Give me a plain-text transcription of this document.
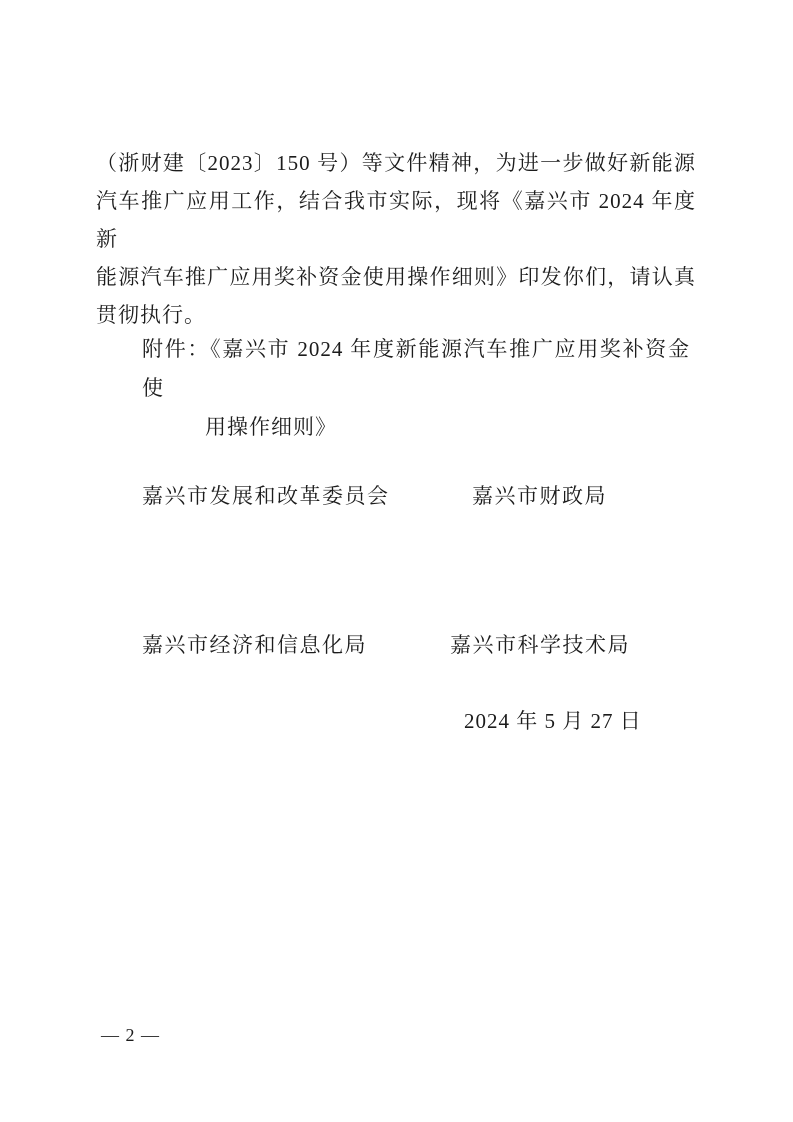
（浙财建〔2023〕150 号）等文件精神，为进一步做好新能源
汽车推广应用工作，结合我市实际，现将《嘉兴市 2024 年度新
能源汽车推广应用奖补资金使用操作细则》印发你们，请认真
贯彻执行。
附件：《嘉兴市 2024 年度新能源汽车推广应用奖补资金使
用操作细则》
嘉兴市发展和改革委员会	嘉兴市财政局
嘉兴市经济和信息化局	嘉兴市科学技术局
2024 年 5 月 27 日
— 2 —
